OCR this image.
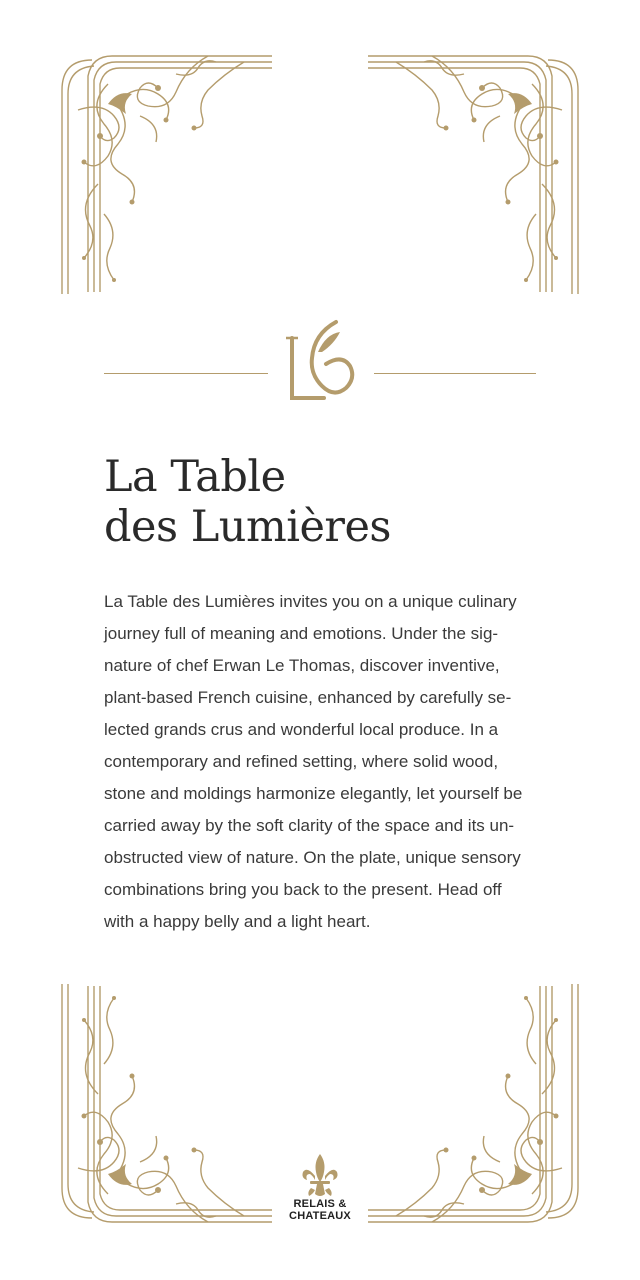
La Table
des Lumières

La Table des Lumières invites you on a unique culinary
journey full of meaning and emotions. Under the sig-
nature of chef Erwan Le Thomas, discover inventive,
plant-based French cuisine, enhanced by carefully se-
lected grands crus and wonderful local produce. In a
contemporary and refined setting, where solid wood,
stone and moldings harmonize elegantly, let yourself be
carried away by the soft clarity of the space and its un-
obstructed view of nature. On the plate, unique sensory
combinations bring you back to the present. Head off
with a happy belly and a light heart.

RELAIS &
CHATEAUX
